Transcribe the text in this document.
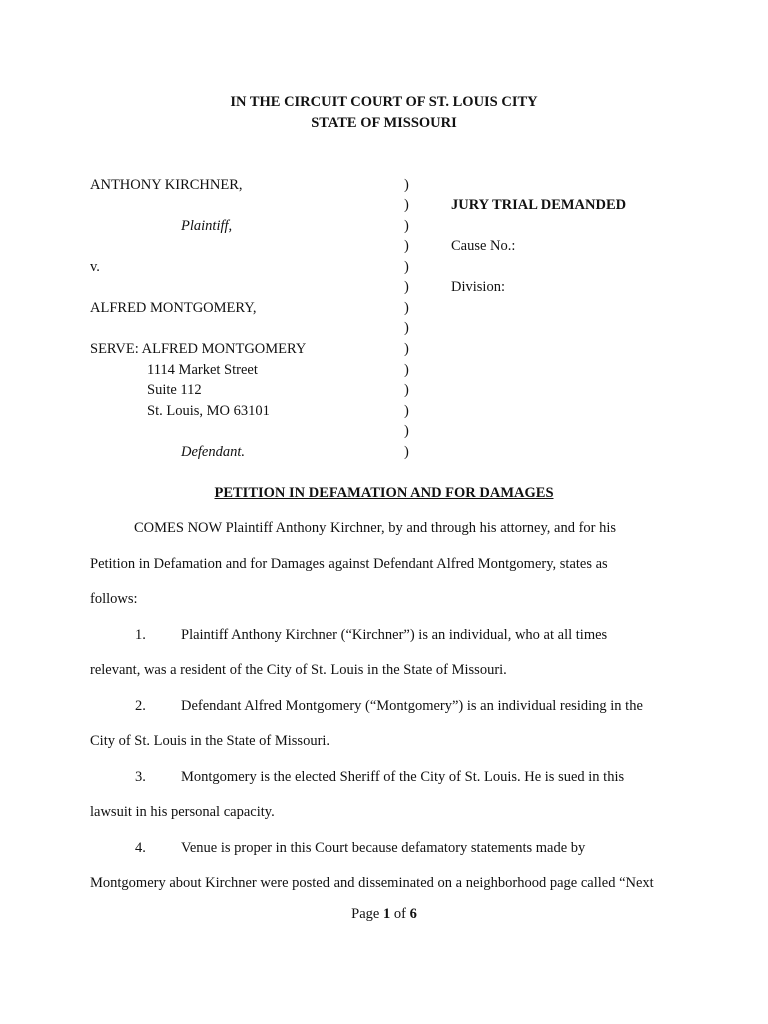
IN THE CIRCUIT COURT OF ST. LOUIS CITY
STATE OF MISSOURI
ANTHONY KIRCHNER,
Plaintiff,
v.
ALFRED MONTGOMERY,
SERVE: ALFRED MONTGOMERY
1114 Market Street
Suite 112
St. Louis, MO 63101
Defendant.
)
)
)
)
)
)
)
)
)
)
)
)
)
)
JURY TRIAL DEMANDED
Cause No.:
Division:
PETITION IN DEFAMATION AND FOR DAMAGES
COMES NOW Plaintiff Anthony Kirchner, by and through his attorney, and for his
Petition in Defamation and for Damages against Defendant Alfred Montgomery, states as
follows:
1. Plaintiff Anthony Kirchner (“Kirchner”) is an individual, who at all times
relevant, was a resident of the City of St. Louis in the State of Missouri.
2. Defendant Alfred Montgomery (“Montgomery”) is an individual residing in the
City of St. Louis in the State of Missouri.
3. Montgomery is the elected Sheriff of the City of St. Louis. He is sued in this
lawsuit in his personal capacity.
4. Venue is proper in this Court because defamatory statements made by
Montgomery about Kirchner were posted and disseminated on a neighborhood page called “Next
Page 1 of 6
